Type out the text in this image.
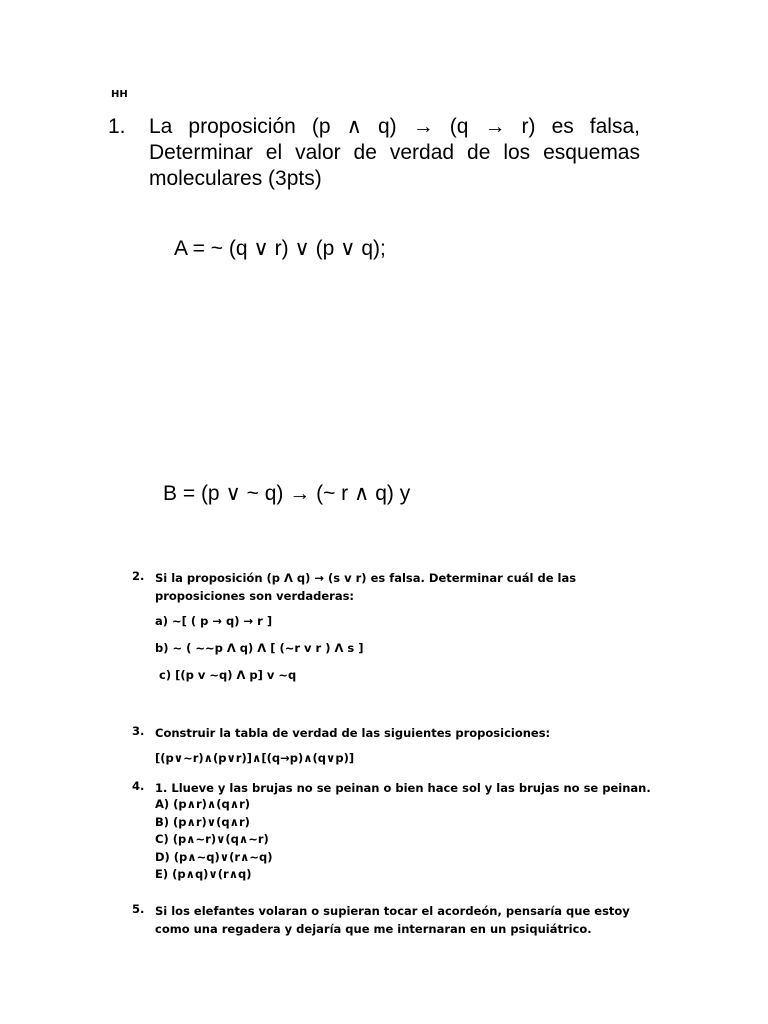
HH
1. La proposición (p ∧ q) → (q → r) es falsa, Determinar el valor de verdad de los esquemas moleculares (3pts)
A = ~ (q ∨ r) ∨ (p ∨ q);
B = (p ∨ ~ q) → (~ r ∧ q) y
2. Si la proposición (p Λ q) → (s v r) es falsa. Determinar cuál de las proposiciones son verdaderas:
a) ~[ ( p → q) → r ]
b) ~ ( ~~p Λ q) Λ [ (~r v r ) Λ s ]
c) [(p v ~q) Λ p] v ~q
3. Construir la tabla de verdad de las siguientes proposiciones:
[(p∨~r)∧(p∨r)]∧[(q→p)∧(q∨p)]
4. 1. Llueve y las brujas no se peinan o bien hace sol y las brujas no se peinan.
A) (p∧r)∧(q∧r)
B) (p∧r)∨(q∧r)
C) (p∧~r)∨(q∧~r)
D) (p∧~q)∨(r∧~q)
E) (p∧q)∨(r∧q)
5. Si los elefantes volaran o supieran tocar el acordeón, pensaría que estoy como una regadera y dejaría que me internaran en un psiquiátrico.
